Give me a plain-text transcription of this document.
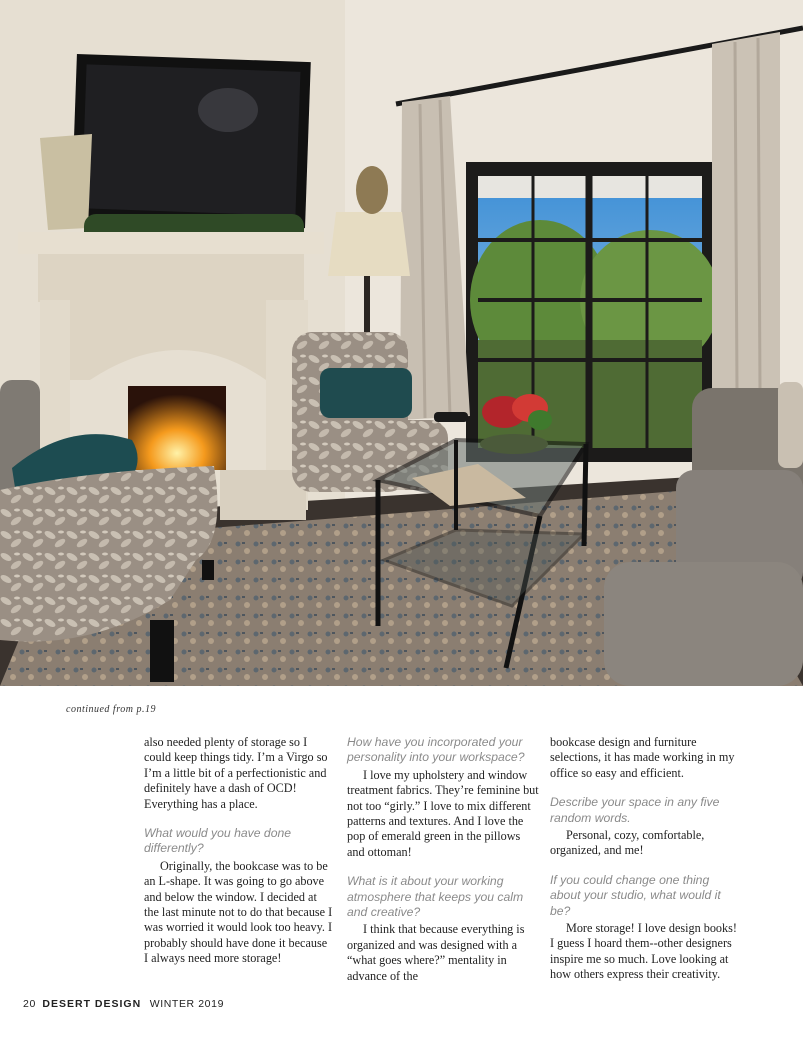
continued from p.19

also needed plenty of storage so I could keep things tidy. I’m a Virgo so I’m a little bit of a perfectionistic and definitely have a dash of OCD! Everything has a place.

What would you have done differently?

Originally, the bookcase was to be an L-shape. It was going to go above and below the window. I decided at the last minute not to do that because I was worried it would look too heavy. I probably should have done it because I always need more storage!

How have you incorporated your personality into your workspace?

I love my upholstery and window treatment fabrics. They’re feminine but not too “girly.” I love to mix different patterns and textures. And I love the pop of emerald green in the pillows and ottoman!

What is it about your working atmosphere that keeps you calm and creative?

I think that because everything is organized and was designed with a “what goes where?” mentality in advance of the

bookcase design and furniture selections, it has made working in my office so easy and efficient.

Describe your space in any five random words.

Personal, cozy, comfortable, organized, and me!

If you could change one thing about your studio, what would it be?

More storage! I love design books! I guess I hoard them--other designers inspire me so much. Love looking at how others express their creativity.

20 DESERT DESIGN WINTER 2019
